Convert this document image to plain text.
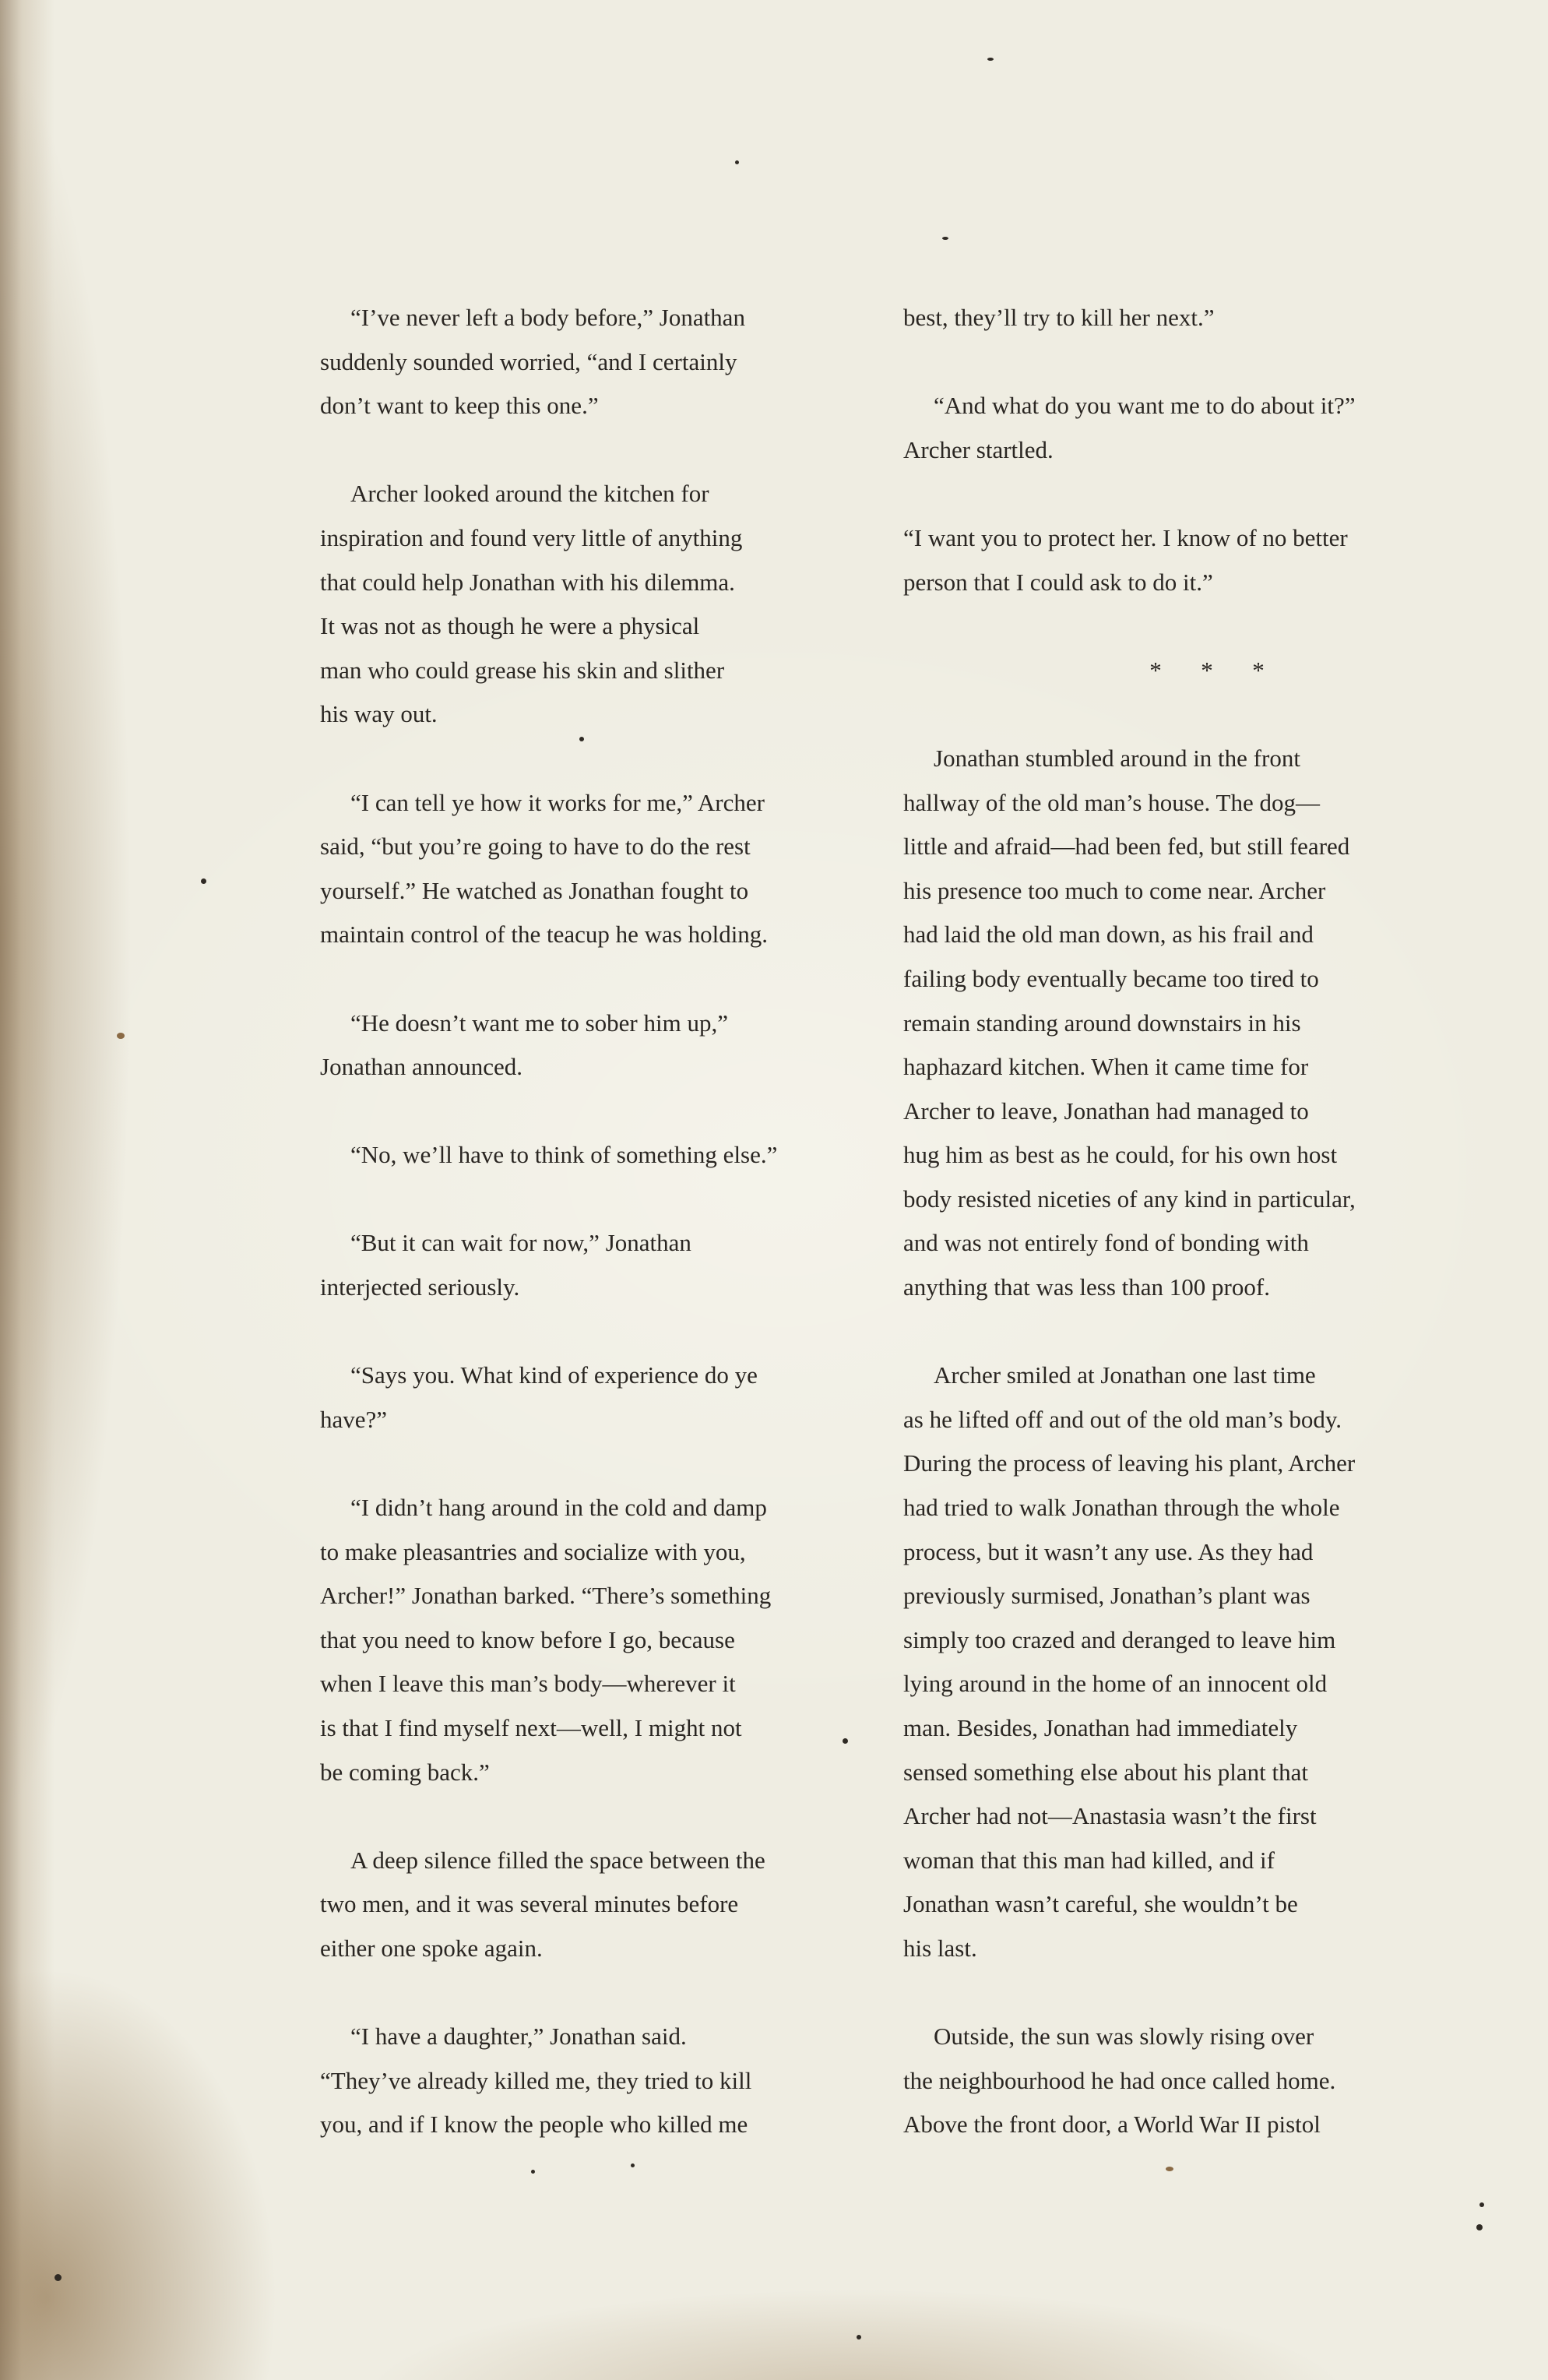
“I’ve never left a body before,” Jonathan
suddenly sounded worried, “and I certainly
don’t want to keep this one.”

Archer looked around the kitchen for
inspiration and found very little of anything
that could help Jonathan with his dilemma.
It was not as though he were a physical
man who could grease his skin and slither
his way out.

“I can tell ye how it works for me,” Archer
said, “but you’re going to have to do the rest
yourself.” He watched as Jonathan fought to
maintain control of the teacup he was holding.

“He doesn’t want me to sober him up,”
Jonathan announced.

“No, we’ll have to think of something else.”

“But it can wait for now,” Jonathan
interjected seriously.

“Says you. What kind of experience do ye
have?”

“I didn’t hang around in the cold and damp
to make pleasantries and socialize with you,
Archer!” Jonathan barked. “There’s something
that you need to know before I go, because
when I leave this man’s body—wherever it
is that I find myself next—well, I might not
be coming back.”

A deep silence filled the space between the
two men, and it was several minutes before
either one spoke again.

“I have a daughter,” Jonathan said.
“They’ve already killed me, they tried to kill
you, and if I know the people who killed me

best, they’ll try to kill her next.”

“And what do you want me to do about it?”
Archer startled.

“I want you to protect her. I know of no better
person that I could ask to do it.”

* * *

Jonathan stumbled around in the front
hallway of the old man’s house. The dog—
little and afraid—had been fed, but still feared
his presence too much to come near. Archer
had laid the old man down, as his frail and
failing body eventually became too tired to
remain standing around downstairs in his
haphazard kitchen. When it came time for
Archer to leave, Jonathan had managed to
hug him as best as he could, for his own host
body resisted niceties of any kind in particular,
and was not entirely fond of bonding with
anything that was less than 100 proof.

Archer smiled at Jonathan one last time
as he lifted off and out of the old man’s body.
During the process of leaving his plant, Archer
had tried to walk Jonathan through the whole
process, but it wasn’t any use. As they had
previously surmised, Jonathan’s plant was
simply too crazed and deranged to leave him
lying around in the home of an innocent old
man. Besides, Jonathan had immediately
sensed something else about his plant that
Archer had not—Anastasia wasn’t the first
woman that this man had killed, and if
Jonathan wasn’t careful, she wouldn’t be
his last.

Outside, the sun was slowly rising over
the neighbourhood he had once called home.
Above the front door, a World War II pistol
